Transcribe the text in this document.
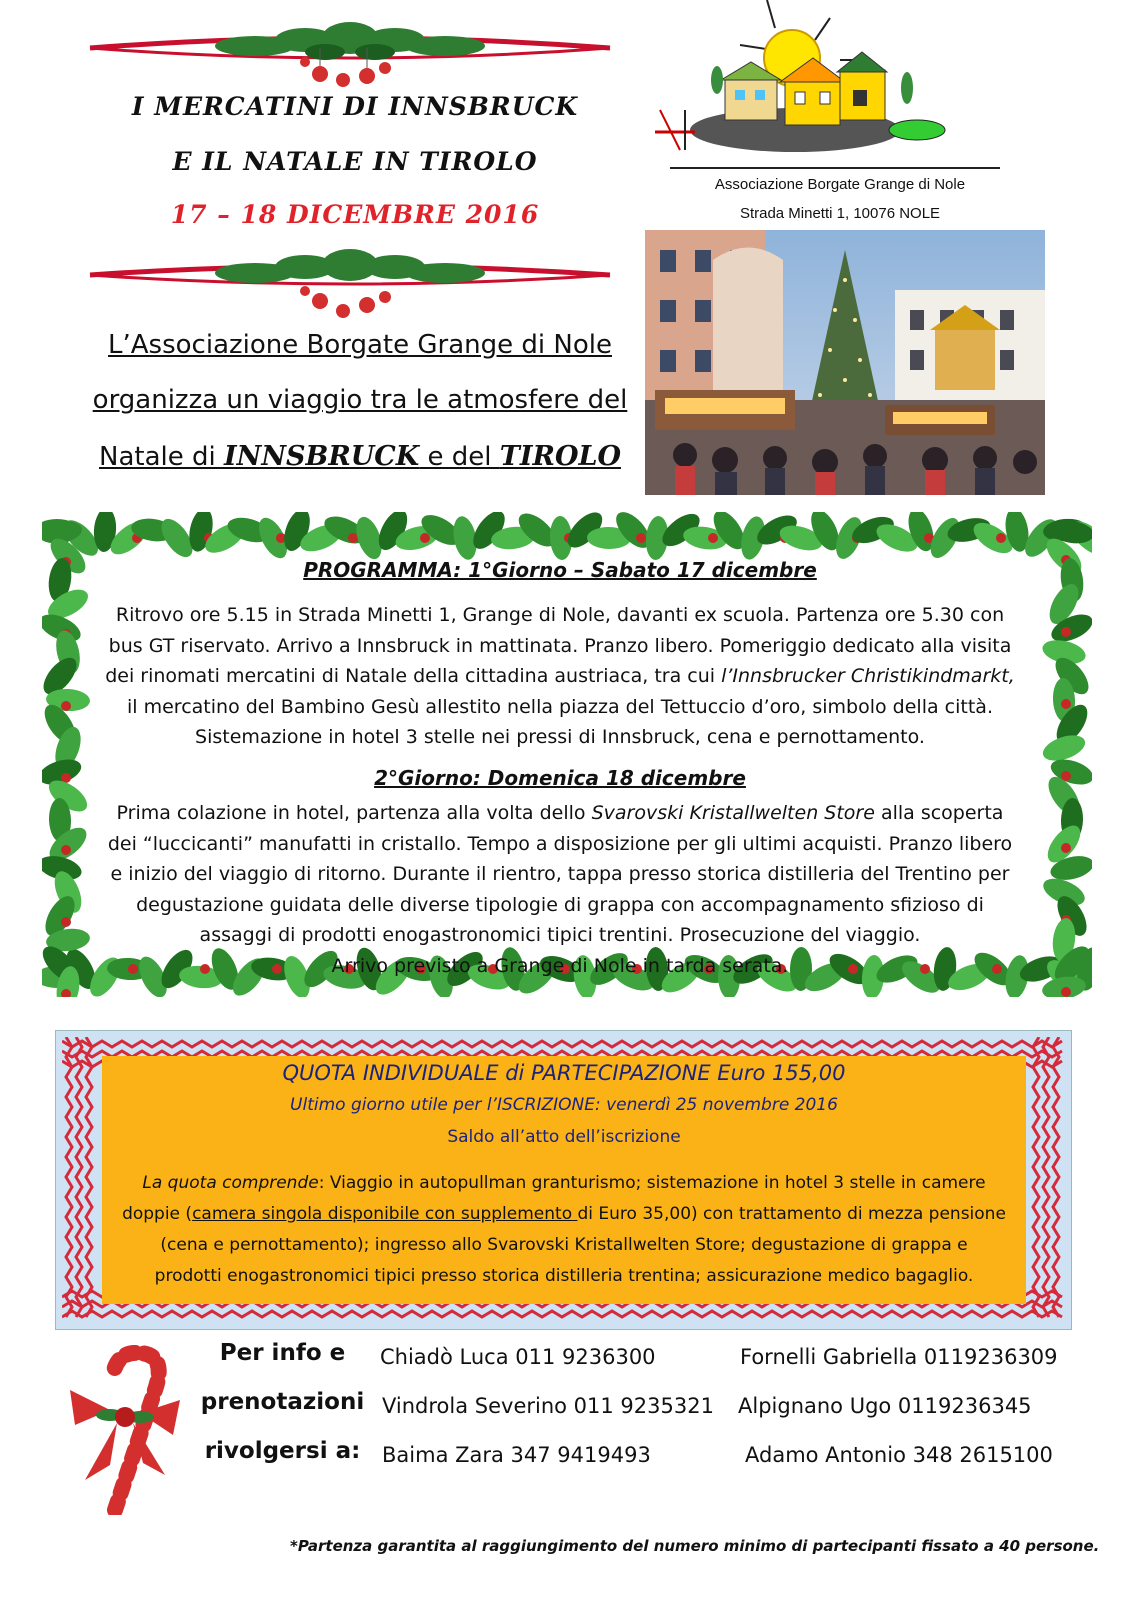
I MERCATINI DI INNSBRUCK
E IL NATALE IN TIROLO
17 – 18 DICEMBRE 2016
Associazione Borgate Grange di Nole
Strada Minetti 1, 10076 NOLE
L’Associazione Borgate Grange di Nole
organizza un viaggio tra le atmosfere del
Natale di INNSBRUCK e del TIROLO
PROGRAMMA: 1°Giorno – Sabato 17 dicembre
Ritrovo ore 5.15 in Strada Minetti 1, Grange di Nole, davanti ex scuola. Partenza ore 5.30 con
bus GT riservato. Arrivo a Innsbruck in mattinata. Pranzo libero. Pomeriggio dedicato alla visita
dei rinomati mercatini di Natale della cittadina austriaca, tra cui l’Innsbrucker Christikindmarkt,
il mercatino del Bambino Gesù allestito nella piazza del Tettuccio d’oro, simbolo della città.
Sistemazione in hotel 3 stelle nei pressi di Innsbruck, cena e pernottamento.
2°Giorno: Domenica 18 dicembre
Prima colazione in hotel, partenza alla volta dello Svarovski Kristallwelten Store alla scoperta
dei “luccicanti” manufatti in cristallo. Tempo a disposizione per gli ultimi acquisti. Pranzo libero
e inizio del viaggio di ritorno. Durante il rientro, tappa presso storica distilleria del Trentino per
degustazione guidata delle diverse tipologie di grappa con accompagnamento sfizioso di
assaggi di prodotti enogastronomici tipici trentini. Prosecuzione del viaggio.
Arrivo previsto a Grange di Nole in tarda serata.
QUOTA INDIVIDUALE di PARTECIPAZIONE Euro 155,00
Ultimo giorno utile per l’ISCRIZIONE: venerdì 25 novembre 2016
Saldo all’atto dell’iscrizione
La quota comprende: Viaggio in autopullman granturismo; sistemazione in hotel 3 stelle in camere
doppie (camera singola disponibile con supplemento di Euro 35,00) con trattamento di mezza pensione
(cena e pernottamento); ingresso allo Svarovski Kristallwelten Store; degustazione di grappa e
prodotti enogastronomici tipici presso storica distilleria trentina; assicurazione medico bagaglio.
Per info e
prenotazioni
rivolgersi a:
Chiadò Luca 011 9236300	Fornelli Gabriella 0119236309
Vindrola Severino 011 9235321 Alpignano Ugo 0119236345
Baima Zara 347 9419493	Adamo Antonio 348 2615100
*Partenza garantita al raggiungimento del numero minimo di partecipanti fissato a 40 persone.
